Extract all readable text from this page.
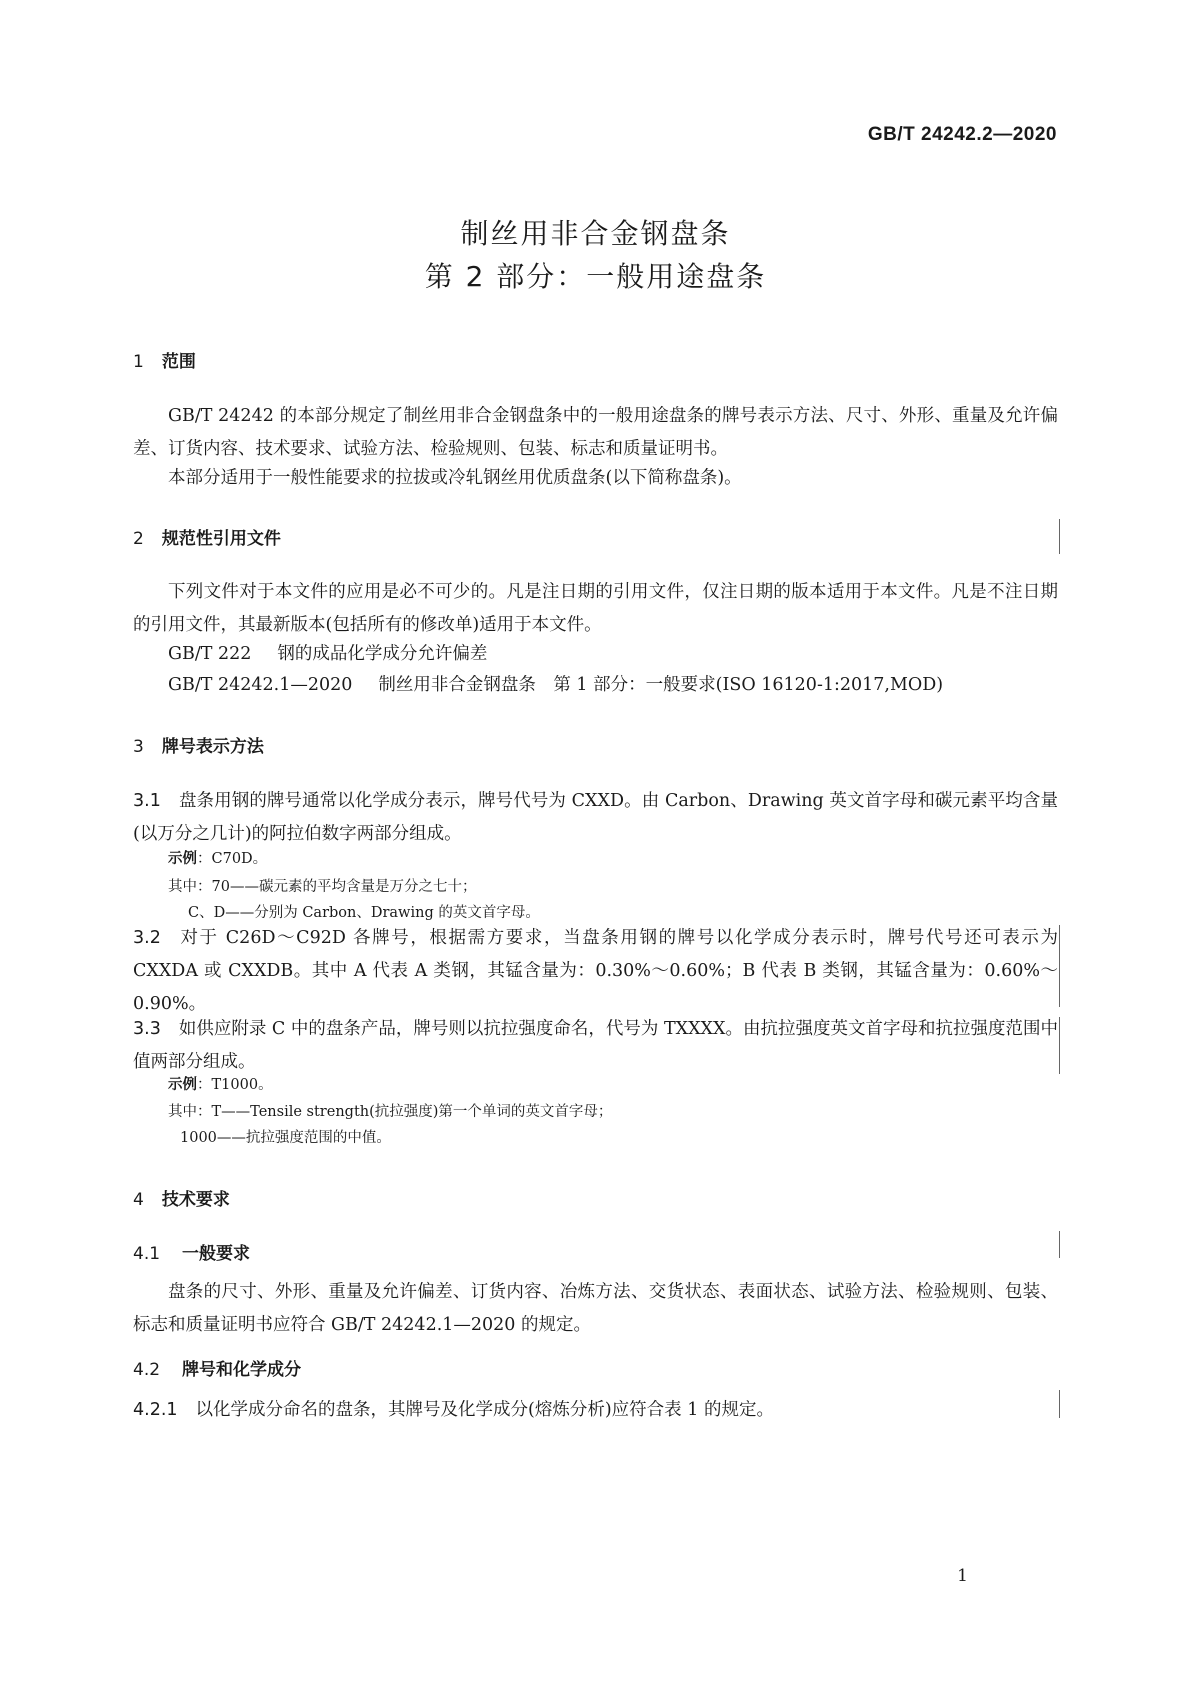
GB/T 24242.2—2020
制丝用非合金钢盘条
第 2 部分：一般用途盘条
1 范围
GB/T 24242 的本部分规定了制丝用非合金钢盘条中的一般用途盘条的牌号表示方法、尺寸、外形、重量及允许偏差、订货内容、技术要求、试验方法、检验规则、包装、标志和质量证明书。
本部分适用于一般性能要求的拉拔或冷轧钢丝用优质盘条(以下简称盘条)。
2 规范性引用文件
下列文件对于本文件的应用是必不可少的。凡是注日期的引用文件，仅注日期的版本适用于本文件。凡是不注日期的引用文件，其最新版本(包括所有的修改单)适用于本文件。
GB/T 222 钢的成品化学成分允许偏差
GB/T 24242.1—2020 制丝用非合金钢盘条　第 1 部分：一般要求(ISO 16120-1:2017,MOD)
3 牌号表示方法
3.1 盘条用钢的牌号通常以化学成分表示，牌号代号为 CXXD。由 Carbon、Drawing 英文首字母和碳元素平均含量(以万分之几计)的阿拉伯数字两部分组成。
示例：C70D。
其中：70——碳元素的平均含量是万分之七十；
C、D——分别为 Carbon、Drawing 的英文首字母。
3.2 对于 C26D～C92D 各牌号，根据需方要求，当盘条用钢的牌号以化学成分表示时，牌号代号还可表示为 CXXDA 或 CXXDB。其中 A 代表 A 类钢，其锰含量为：0.30%～0.60%；B 代表 B 类钢，其锰含量为：0.60%～0.90%。
3.3 如供应附录 C 中的盘条产品，牌号则以抗拉强度命名，代号为 TXXXX。由抗拉强度英文首字母和抗拉强度范围中值两部分组成。
示例：T1000。
其中：T——Tensile strength(抗拉强度)第一个单词的英文首字母；
1000——抗拉强度范围的中值。
4 技术要求
4.1 一般要求
盘条的尺寸、外形、重量及允许偏差、订货内容、冶炼方法、交货状态、表面状态、试验方法、检验规则、包装、标志和质量证明书应符合 GB/T 24242.1—2020 的规定。
4.2 牌号和化学成分
4.2.1 以化学成分命名的盘条，其牌号及化学成分(熔炼分析)应符合表 1 的规定。
1
